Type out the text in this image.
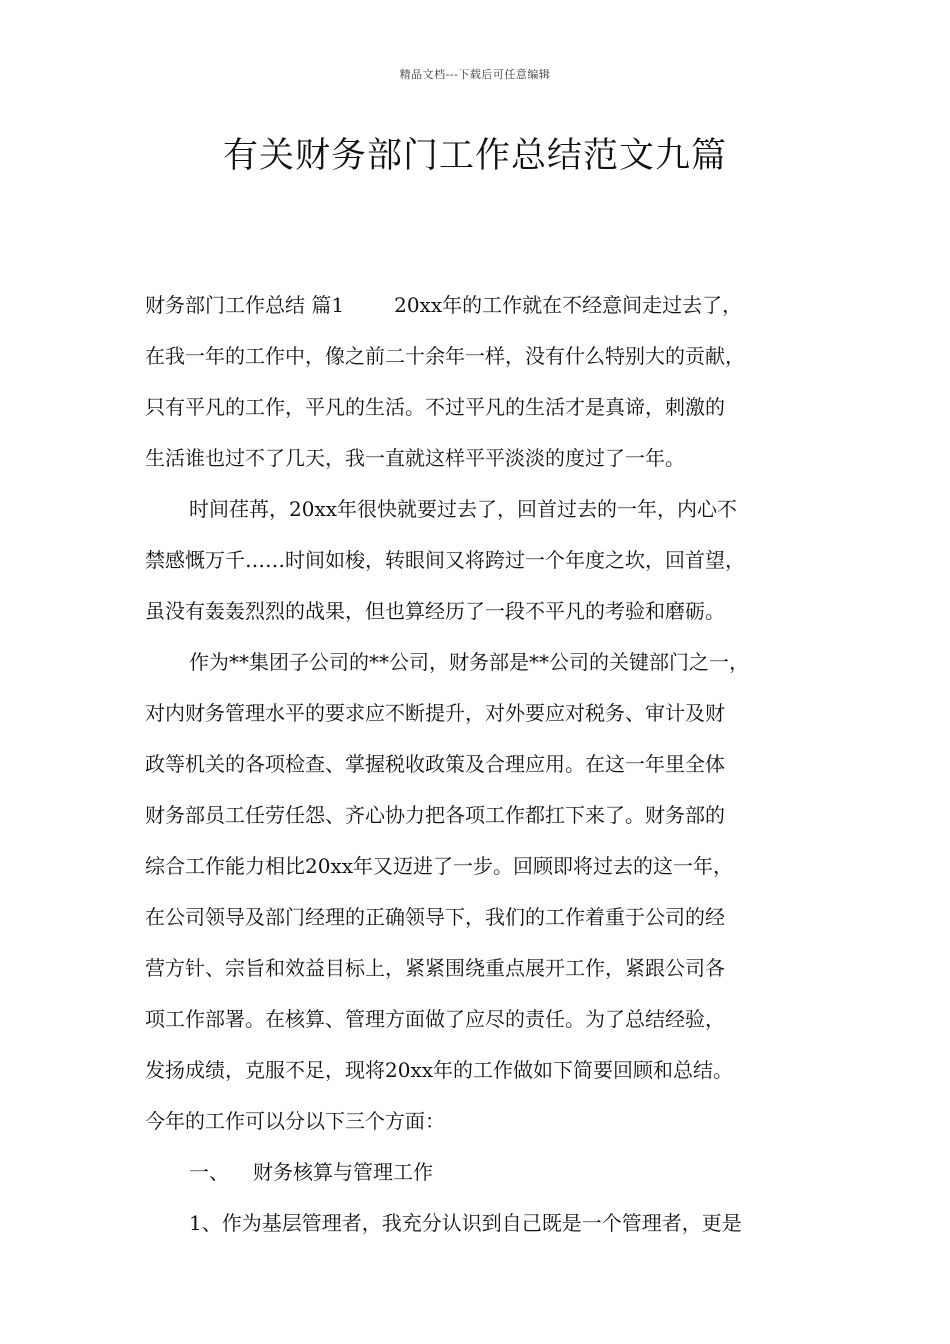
精品文档---下载后可任意编辑
有关财务部门工作总结范文九篇
财务部门工作总结 篇1	20xx年的工作就在不经意间走过去了，
在我一年的工作中，像之前二十余年一样，没有什么特别大的贡献，
只有平凡的工作，平凡的生活。不过平凡的生活才是真谛，刺激的
生活谁也过不了几天，我一直就这样平平淡淡的度过了一年。
时间荏苒，20xx年很快就要过去了，回首过去的一年，内心不
禁感慨万千……时间如梭，转眼间又将跨过一个年度之坎，回首望，
虽没有轰轰烈烈的战果，但也算经历了一段不平凡的考验和磨砺。
作为**集团子公司的**公司，财务部是**公司的关键部门之一，
对内财务管理水平的要求应不断提升，对外要应对税务、审计及财
政等机关的各项检查、掌握税收政策及合理应用。在这一年里全体
财务部员工任劳任怨、齐心协力把各项工作都扛下来了。财务部的
综合工作能力相比20xx年又迈进了一步。回顾即将过去的这一年，
在公司领导及部门经理的正确领导下，我们的工作着重于公司的经
营方针、宗旨和效益目标上，紧紧围绕重点展开工作，紧跟公司各
项工作部署。在核算、管理方面做了应尽的责任。为了总结经验，
发扬成绩，克服不足，现将20xx年的工作做如下简要回顾和总结。
今年的工作可以分以下三个方面：
一、 财务核算与管理工作
1、作为基层管理者，我充分认识到自己既是一个管理者，更是
